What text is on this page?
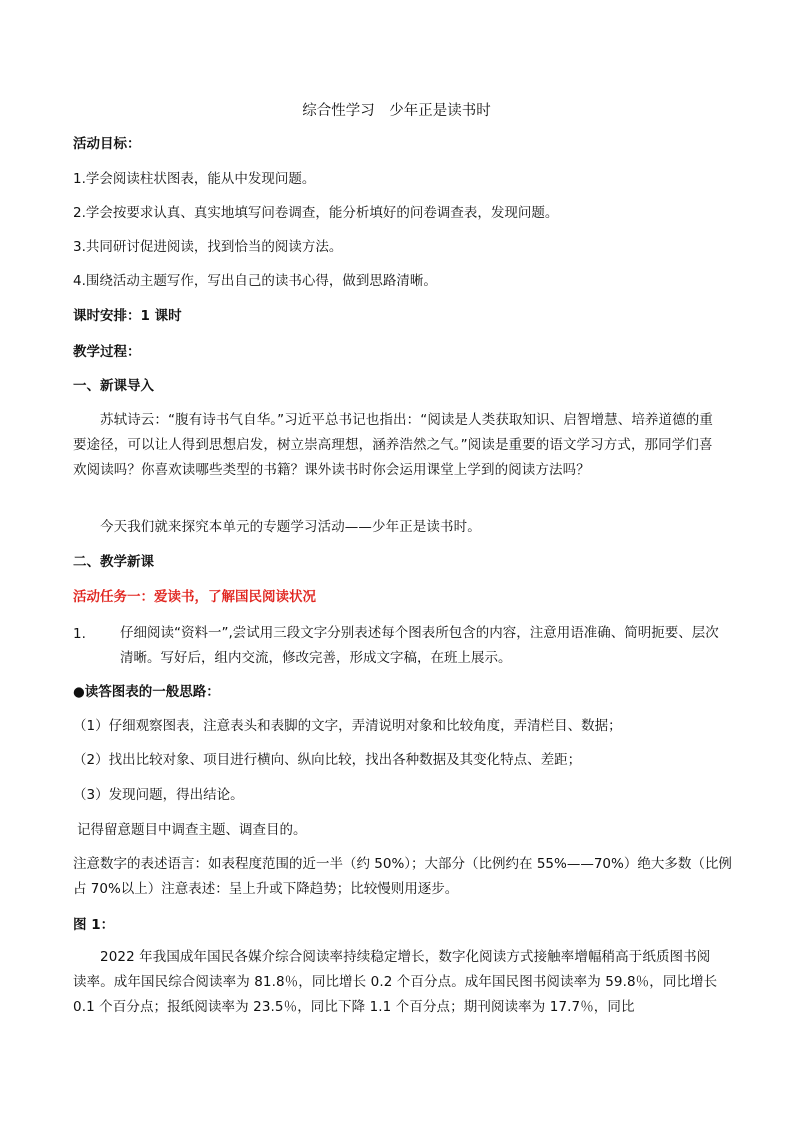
综合性学习　少年正是读书时
活动目标：
1.学会阅读柱状图表，能从中发现问题。
2.学会按要求认真、真实地填写问卷调查，能分析填好的问卷调查表，发现问题。
3.共同研讨促进阅读，找到恰当的阅读方法。
4.围绕活动主题写作，写出自己的读书心得，做到思路清晰。
课时安排：1 课时
教学过程：
一、新课导入
苏轼诗云：“腹有诗书气自华。”习近平总书记也指出：“阅读是人类获取知识、启智增慧、培养道德的重要途径，可以让人得到思想启发，树立崇高理想，涵养浩然之气。”阅读是重要的语文学习方式，那同学们喜欢阅读吗？你喜欢读哪些类型的书籍？课外读书时你会运用课堂上学到的阅读方法吗？
今天我们就来探究本单元的专题学习活动——少年正是读书时。
二、教学新课
活动任务一：爱读书，了解国民阅读状况
1.	仔细阅读“资料一”,尝试用三段文字分别表述每个图表所包含的内容，注意用语准确、简明扼要、层次清晰。写好后，组内交流，修改完善，形成文字稿，在班上展示。
●读答图表的一般思路：
（1）仔细观察图表，注意表头和表脚的文字，弄清说明对象和比较角度，弄清栏目、数据；
（2）找出比较对象、项目进行横向、纵向比较，找出各种数据及其变化特点、差距；
（3）发现问题，得出结论。
记得留意题目中调查主题、调查目的。
注意数字的表述语言：如表程度范围的近一半（约 50%）；大部分（比例约在 55%——70%）绝大多数（比例占 70%以上）注意表述：呈上升或下降趋势；比较慢则用逐步。
图 1：
2022 年我国成年国民各媒介综合阅读率持续稳定增长，数字化阅读方式接触率增幅稍高于纸质图书阅读率。成年国民综合阅读率为 81.8％，同比增长 0.2 个百分点。成年国民图书阅读率为 59.8％，同比增长 0.1 个百分点；报纸阅读率为 23.5％，同比下降 1.1 个百分点；期刊阅读率为 17.7％，同比
